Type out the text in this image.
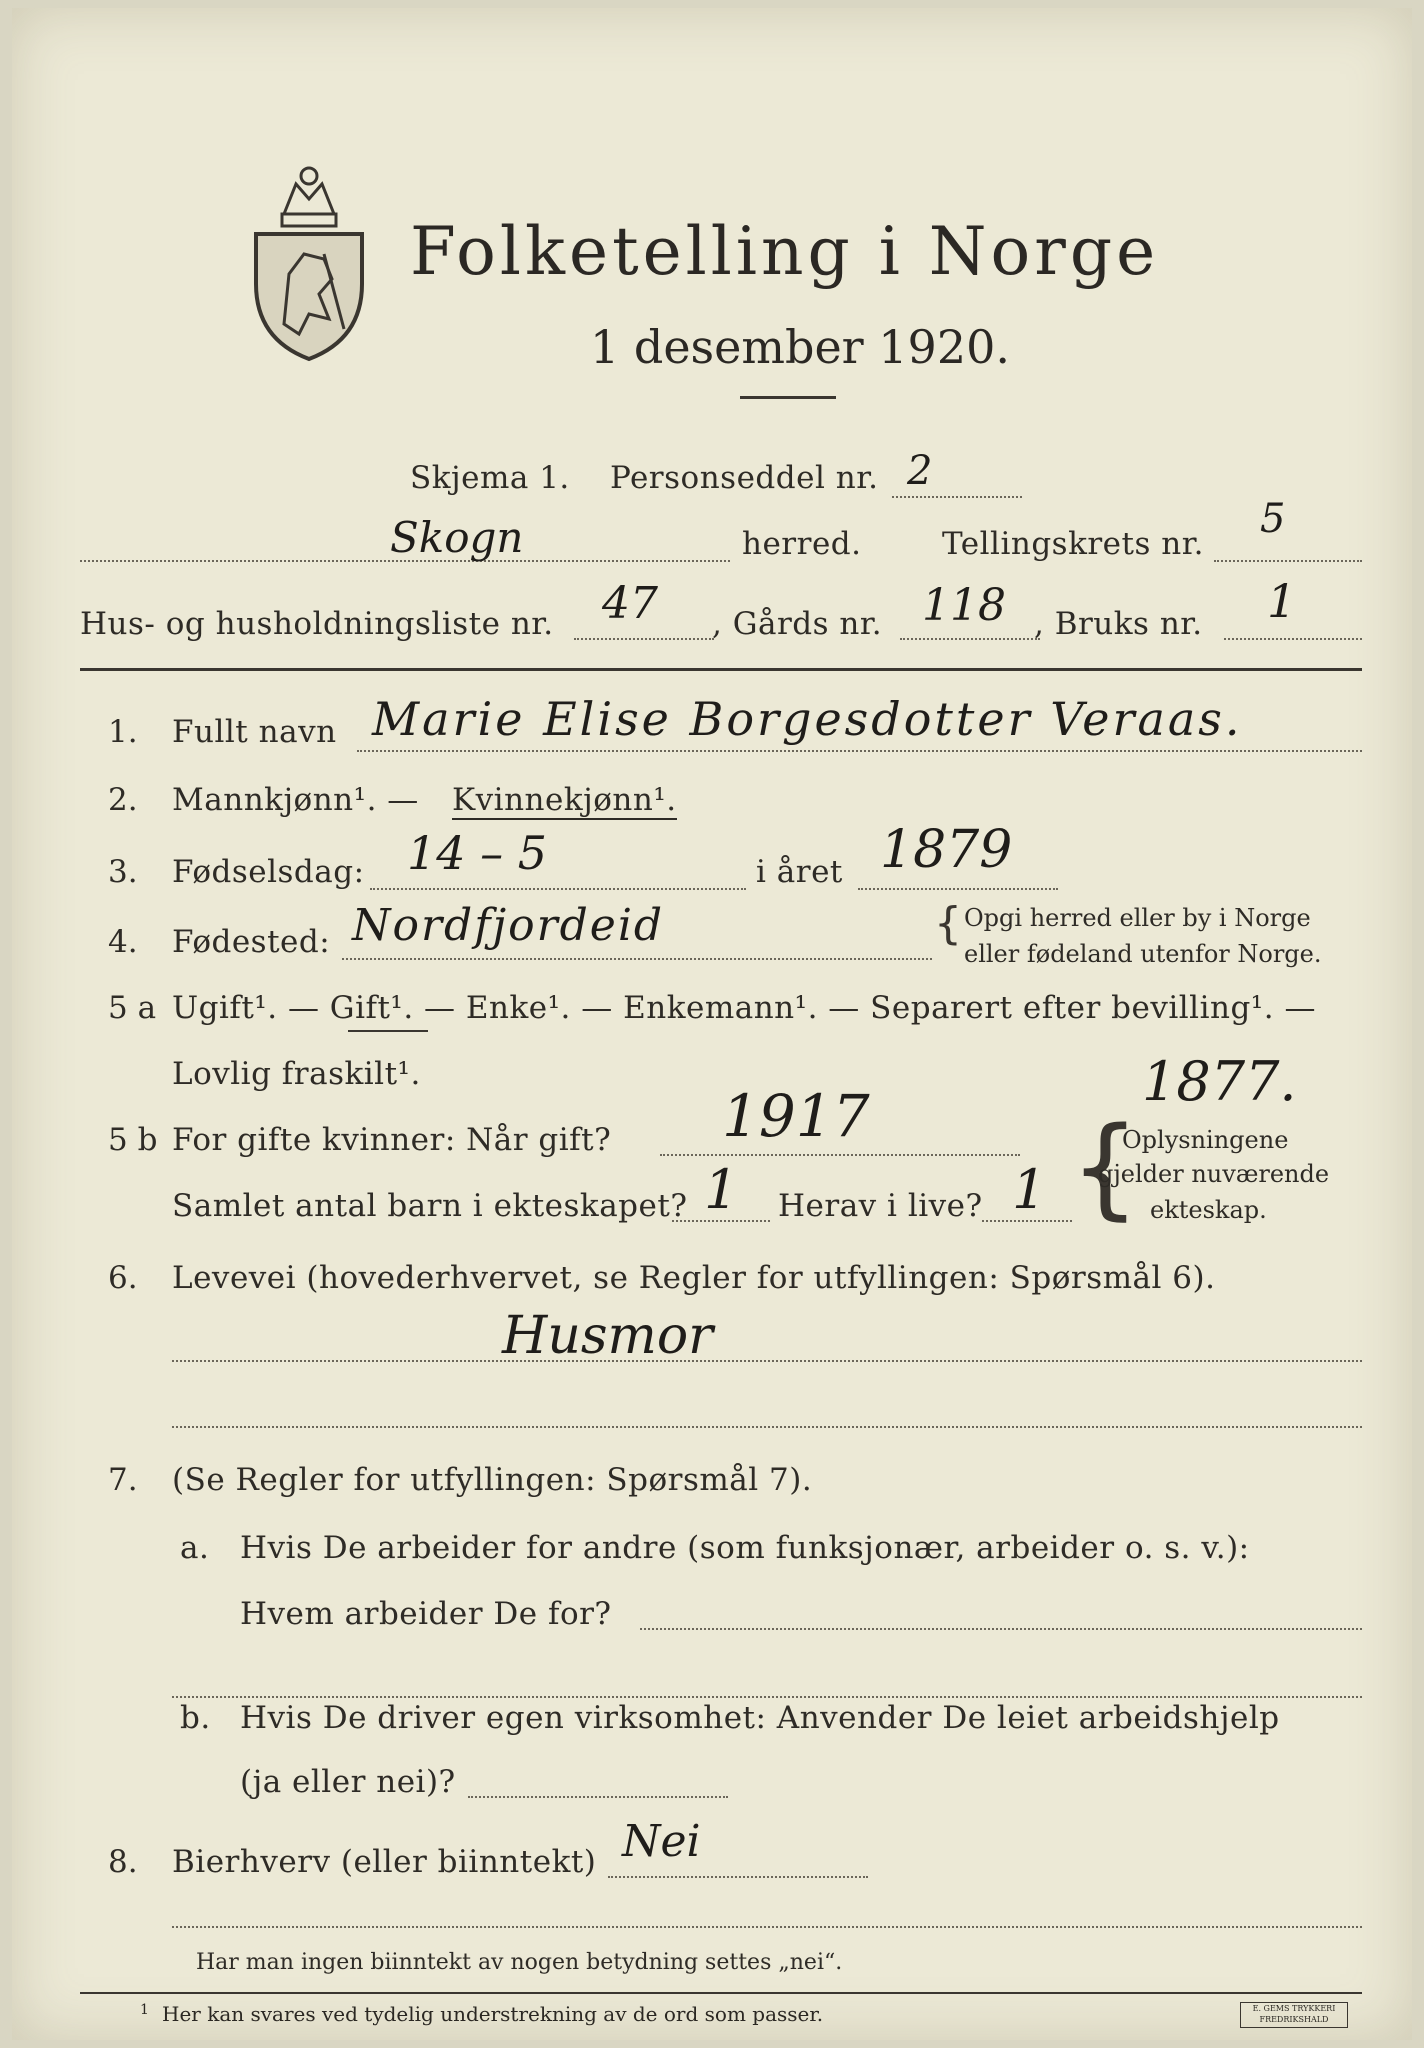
Folketelling i Norge
1 desember 1920.
Skjema 1. Personseddel nr. 2
Skogn	herred.	Tellingskrets nr.
5
Hus- og husholdningsliste nr. 47 , Gårds nr. 118 , Bruks nr. 1
1. Fullt navn Marie Elise Borgesdotter Veraas.
2. Mannkjønn¹. — Kvinnekjønn¹.
3. Fødselsdag: 14 – 5	i året 1879
4. Fødested: Nordfjordeid	{ Opgi herred eller by i Norge
eller fødeland utenfor Norge.
5 a Ugift¹. — Gift¹. — Enke¹. — Enkemann¹. — Separert efter bevilling¹. —
Lovlig fraskilt¹.
5 b For gifte kvinner: Når gift? 1917
1877.
Samlet antal barn i ekteskapet? 1 Herav i live? 1 {
Oplysningene
gjelder nuværende
ekteskap.
6. Levevei (hovederhvervet, se Regler for utfyllingen: Spørsmål 6).
Husmor
7. (Se Regler for utfyllingen: Spørsmål 7).
a. Hvis De arbeider for andre (som funksjonær, arbeider o. s. v.):
Hvem arbeider De for?
b. Hvis De driver egen virksomhet: Anvender De leiet arbeidshjelp
(ja eller nei)?
8. Bierhverv (eller biinntekt) Nei
Har man ingen biinntekt av nogen betydning settes „nei“.
1 Her kan svares ved tydelig understrekning av de ord som passer.	E. GEMS TRYKKERI
FREDRIKSHALD
